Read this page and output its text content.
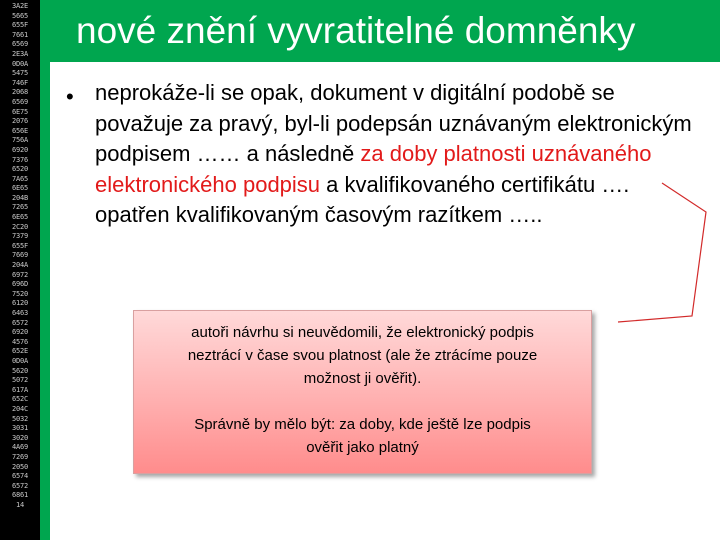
3A2E
5665
655F
7661
6569
2E3A
0D0A
5475
746F
2068
6569
6E75
2076
656E
756A
6920
7376
6520
7A65
6E65
204B
7265
6E65
2C20
7379
655F
7669
204A
6972
696D
7520
6120
6463
6572
6920
4576
652E
0D0A
5620
5072
617A
652C
204C
5032
3031
3020
4A69
7269
2050
6574
6572
6861
14
nové znění vyvratitelné domněnky
• neprokáže-li se opak, dokument v digitální podobě se považuje za pravý, byl-li podepsán uznávaným elektronickým podpisem …… a následně za doby platnosti uznávaného elektronického podpisu a kvalifikovaného certifikátu …. opatřen kvalifikovaným časovým razítkem …..

autoři návrhu si neuvědomili, že elektronický podpis

neztrácí v čase svou platnost (ale že ztrácíme pouze

možnost ji ověřit).

Správně by mělo být: za doby, kde ještě lze podpis

ověřit jako platný
